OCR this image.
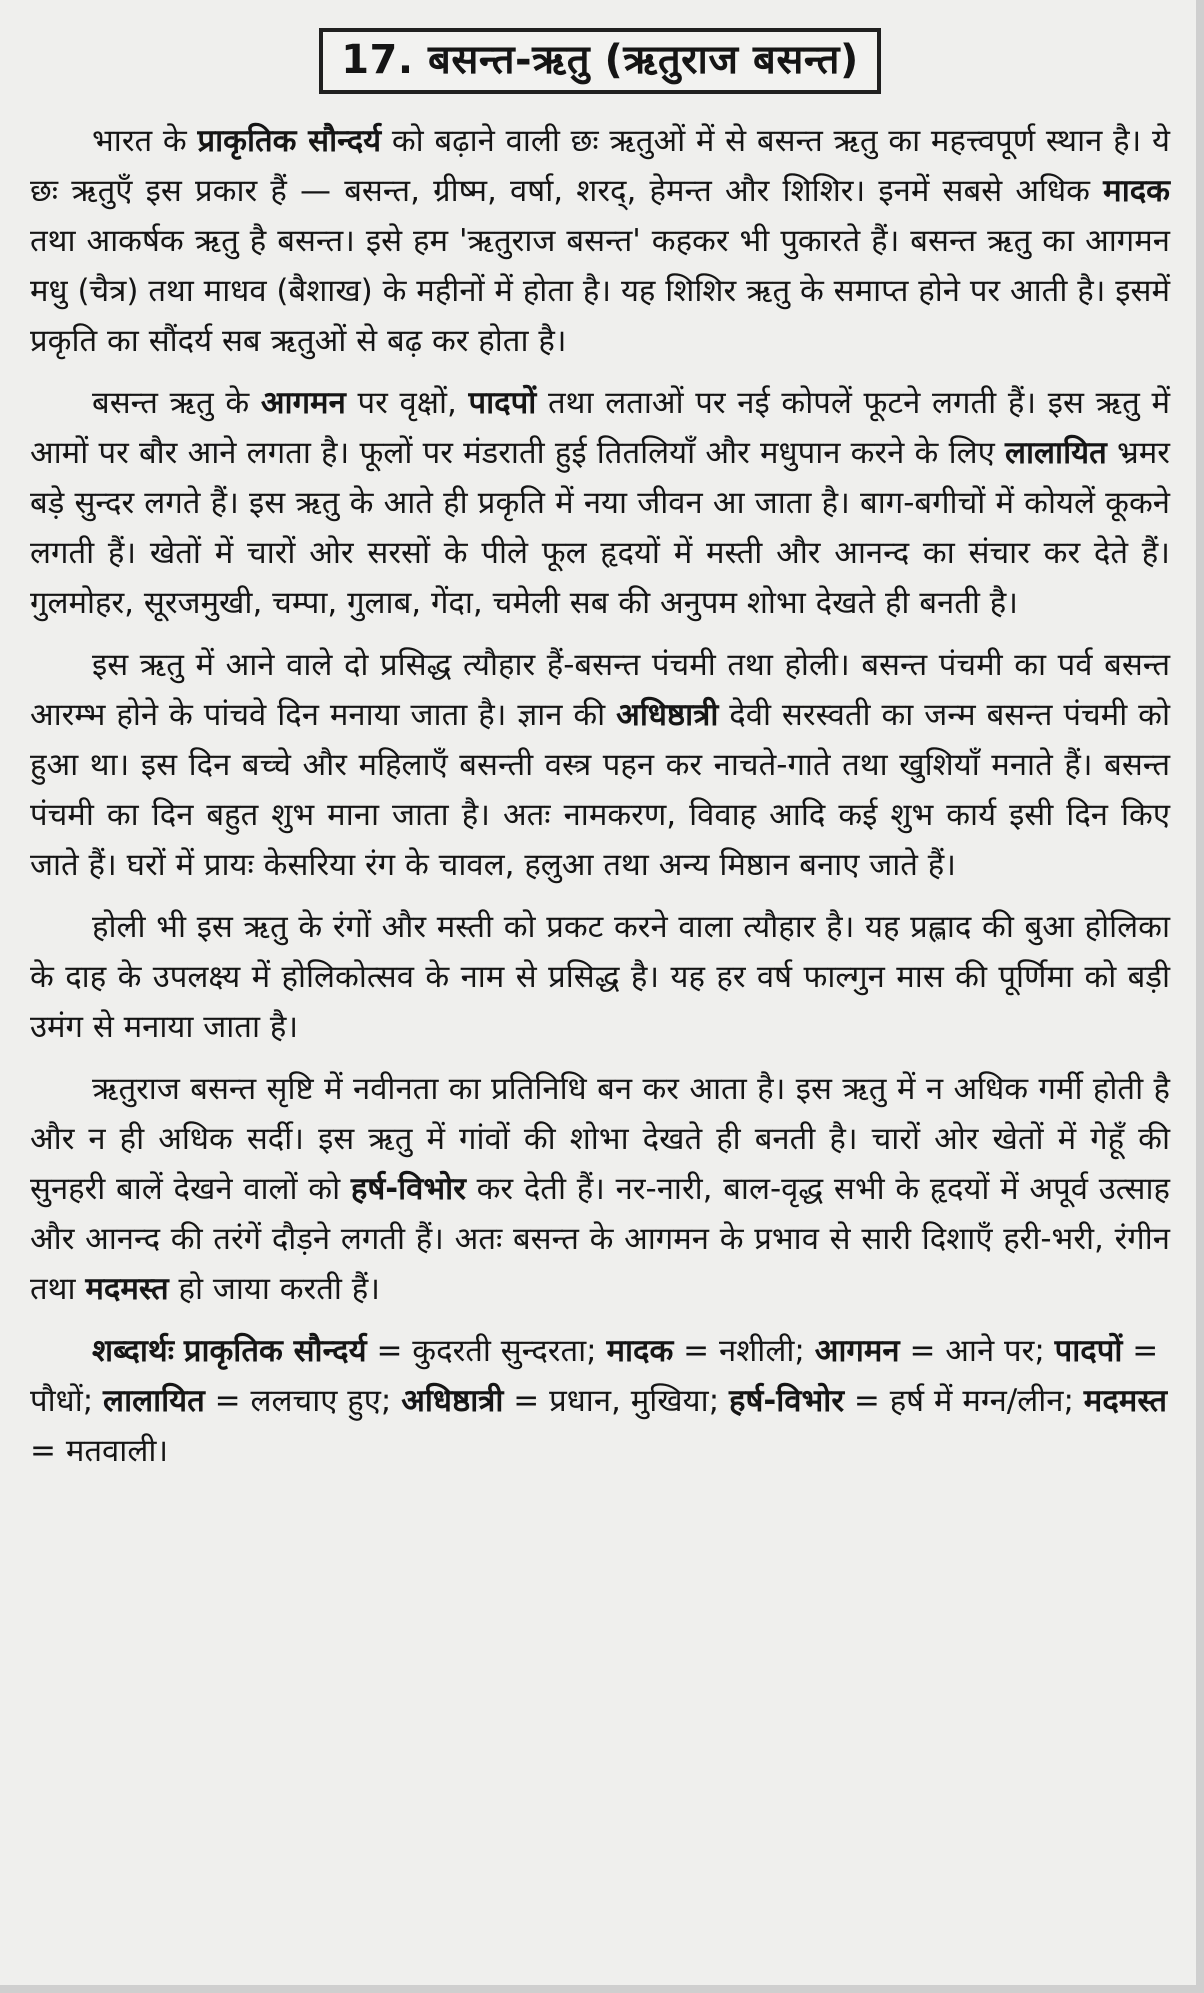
17. बसन्त-ऋतु (ऋतुराज बसन्त)

भारत के प्राकृतिक सौन्दर्य को बढ़ाने वाली छः ऋतुओं में से बसन्त ऋतु का महत्त्वपूर्ण स्थान है। ये छः ऋतुएँ इस प्रकार हैं — बसन्त, ग्रीष्म, वर्षा, शरद्, हेमन्त और शिशिर। इनमें सबसे अधिक मादक तथा आकर्षक ऋतु है बसन्त। इसे हम 'ऋतुराज बसन्त' कहकर भी पुकारते हैं। बसन्त ऋतु का आगमन मधु (चैत्र) तथा माधव (बैशाख) के महीनों में होता है। यह शिशिर ऋतु के समाप्त होने पर आती है। इसमें प्रकृति का सौंदर्य सब ऋतुओं से बढ़ कर होता है।

बसन्त ऋतु के आगमन पर वृक्षों, पादपों तथा लताओं पर नई कोपलें फूटने लगती हैं। इस ऋतु में आमों पर बौर आने लगता है। फूलों पर मंडराती हुई तितलियाँ और मधुपान करने के लिए लालायित भ्रमर बड़े सुन्दर लगते हैं। इस ऋतु के आते ही प्रकृति में नया जीवन आ जाता है। बाग-बगीचों में कोयलें कूकने लगती हैं। खेतों में चारों ओर सरसों के पीले फूल हृदयों में मस्ती और आनन्द का संचार कर देते हैं। गुलमोहर, सूरजमुखी, चम्पा, गुलाब, गेंदा, चमेली सब की अनुपम शोभा देखते ही बनती है।

इस ऋतु में आने वाले दो प्रसिद्ध त्यौहार हैं-बसन्त पंचमी तथा होली। बसन्त पंचमी का पर्व बसन्त आरम्भ होने के पांचवे दिन मनाया जाता है। ज्ञान की अधिष्ठात्री देवी सरस्वती का जन्म बसन्त पंचमी को हुआ था। इस दिन बच्चे और महिलाएँ बसन्ती वस्त्र पहन कर नाचते-गाते तथा खुशियाँ मनाते हैं। बसन्त पंचमी का दिन बहुत शुभ माना जाता है। अतः नामकरण, विवाह आदि कई शुभ कार्य इसी दिन किए जाते हैं। घरों में प्रायः केसरिया रंग के चावल, हलुआ तथा अन्य मिष्ठान बनाए जाते हैं।

होली भी इस ऋतु के रंगों और मस्ती को प्रकट करने वाला त्यौहार है। यह प्रह्लाद की बुआ होलिका के दाह के उपलक्ष्य में होलिकोत्सव के नाम से प्रसिद्ध है। यह हर वर्ष फाल्गुन मास की पूर्णिमा को बड़ी उमंग से मनाया जाता है।

ऋतुराज बसन्त सृष्टि में नवीनता का प्रतिनिधि बन कर आता है। इस ऋतु में न अधिक गर्मी होती है और न ही अधिक सर्दी। इस ऋतु में गांवों की शोभा देखते ही बनती है। चारों ओर खेतों में गेहूँ की सुनहरी बालें देखने वालों को हर्ष-विभोर कर देती हैं। नर-नारी, बाल-वृद्ध सभी के हृदयों में अपूर्व उत्साह और आनन्द की तरंगें दौड़ने लगती हैं। अतः बसन्त के आगमन के प्रभाव से सारी दिशाएँ हरी-भरी, रंगीन तथा मदमस्त हो जाया करती हैं।

शब्दार्थः प्राकृतिक सौन्दर्य = कुदरती सुन्दरता; मादक = नशीली; आगमन = आने पर; पादपों = पौधों; लालायित = ललचाए हुए; अधिष्ठात्री = प्रधान, मुखिया; हर्ष-विभोर = हर्ष में मग्न/लीन; मदमस्त = मतवाली।
